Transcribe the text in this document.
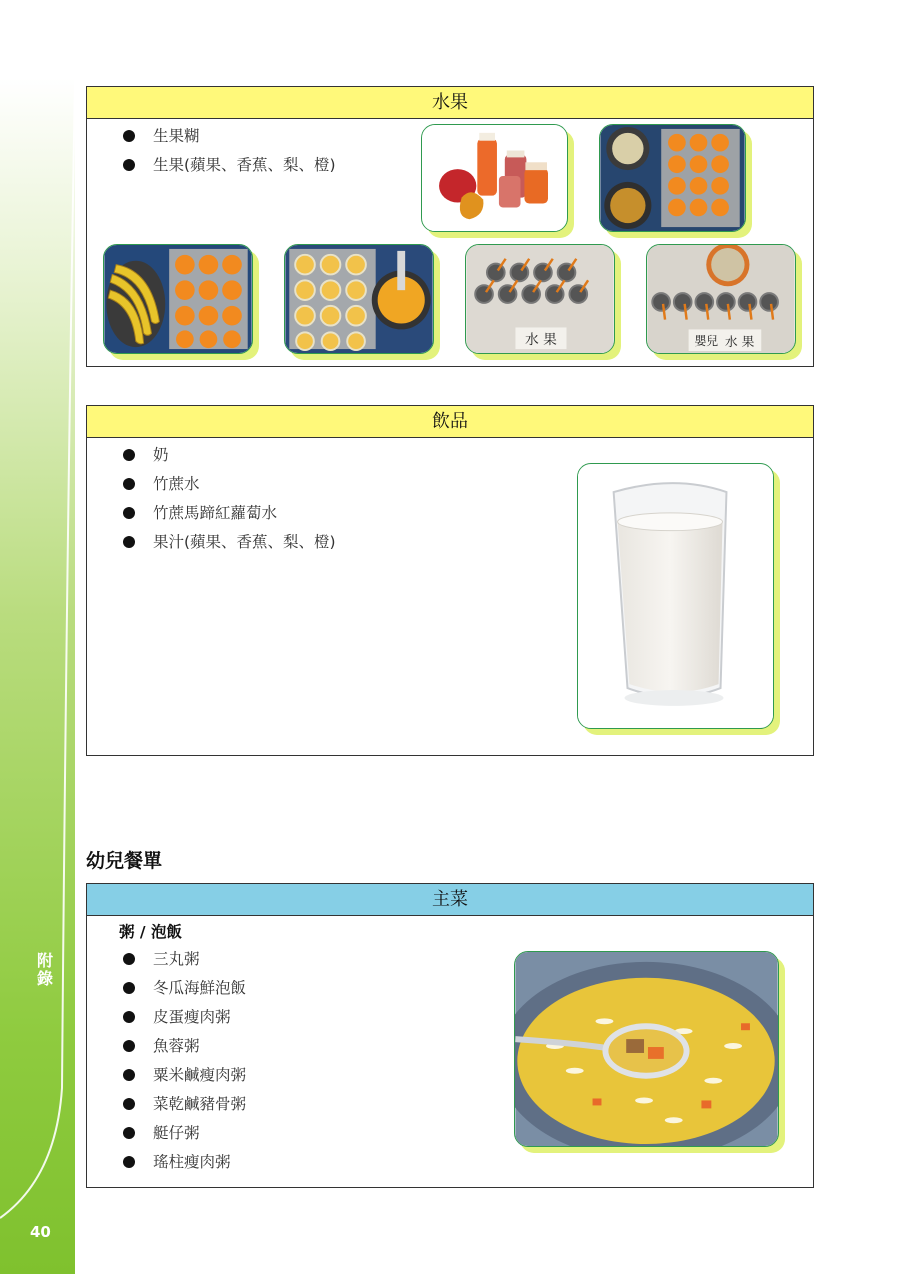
附錄
40
水果
生果糊
生果(蘋果、香蕉、梨、橙)
水 果	嬰兒 水 果
飲品
奶
竹蔗水
竹蔗馬蹄紅蘿蔔水
果汁(蘋果、香蕉、梨、橙)
幼兒餐單
主菜
粥 / 泡飯
三丸粥
冬瓜海鮮泡飯
皮蛋瘦肉粥
魚蓉粥
粟米鹹瘦肉粥
菜乾鹹豬骨粥
艇仔粥
瑤柱瘦肉粥
